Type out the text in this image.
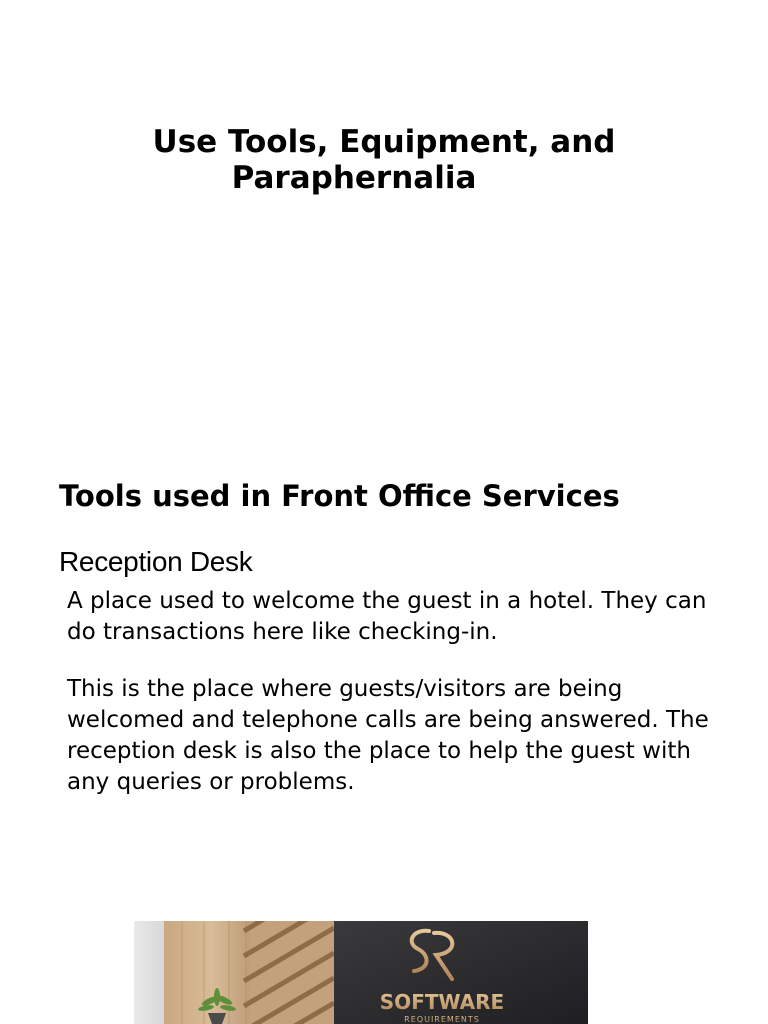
Use Tools, Equipment, and
Paraphernalia
Tools used in Front Office Services
Reception Desk
A place used to welcome the guest in a hotel. They can do transactions here like checking-in.
This is the place where guests/visitors are being welcomed and telephone calls are being answered. The reception desk is also the place to help the guest with any queries or problems.
SOFTWARE
REQUIREMENTS
